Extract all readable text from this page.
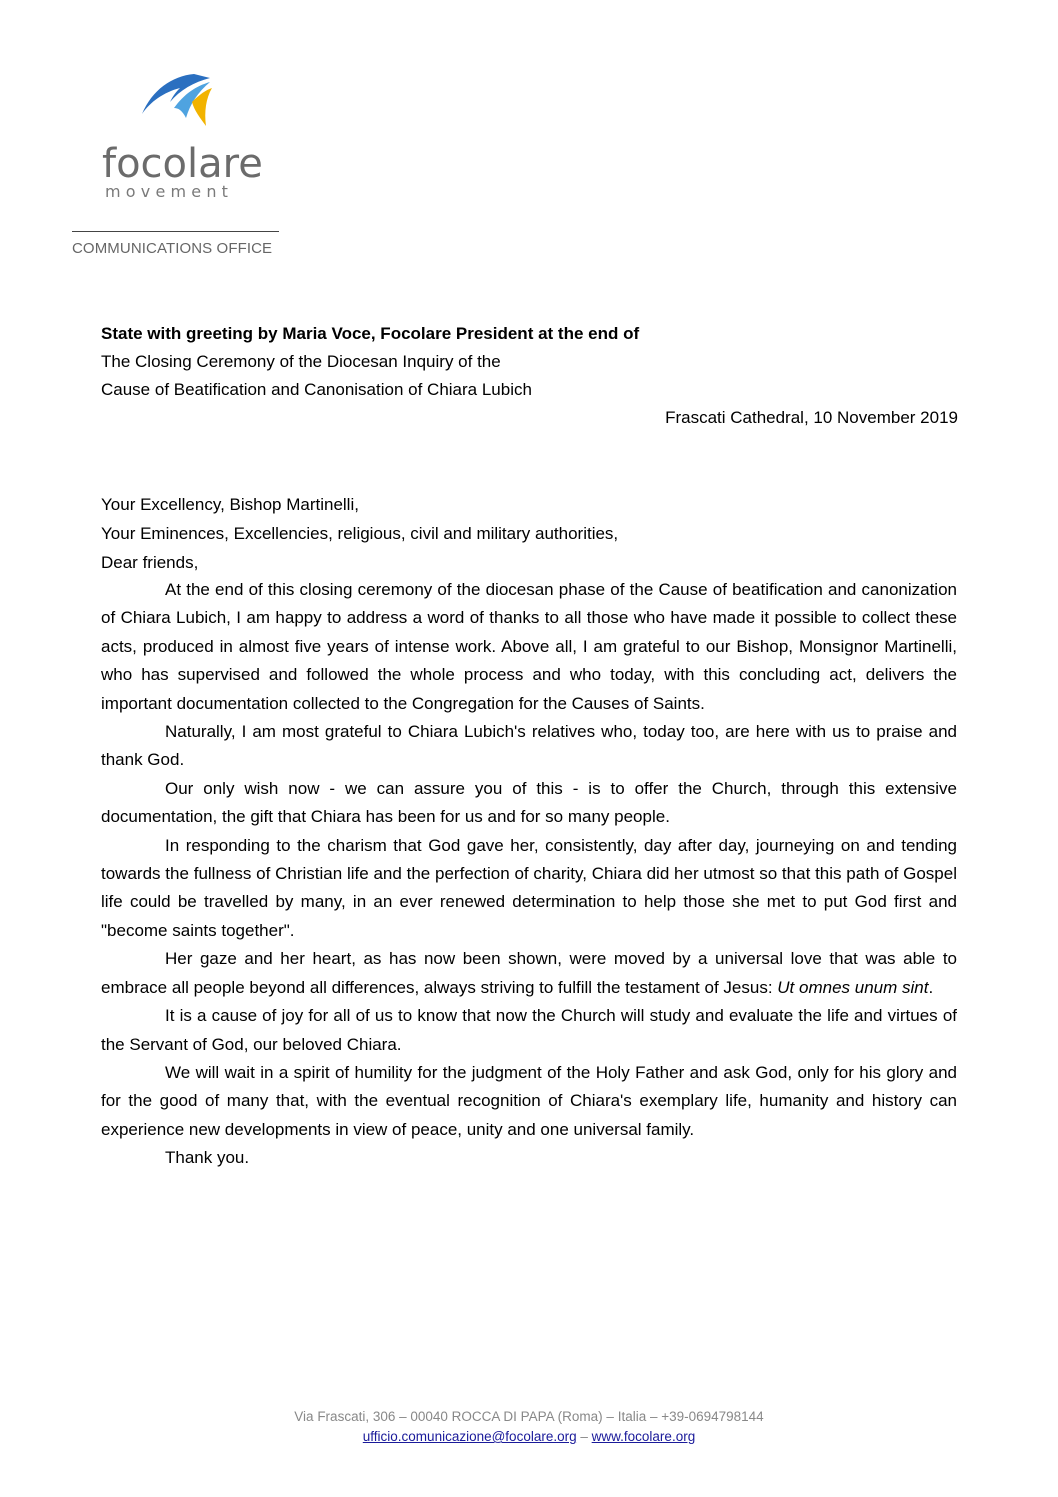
focolare
movement
COMMUNICATIONS OFFICE
State with greeting by Maria Voce, Focolare President at the end of
The Closing Ceremony of the Diocesan Inquiry of the
Cause of Beatification and Canonisation of Chiara Lubich
Frascati Cathedral, 10 November 2019
Your Excellency, Bishop Martinelli,
Your Eminences, Excellencies, religious, civil and military authorities,
Dear friends,

At the end of this closing ceremony of the diocesan phase of the Cause of beatification and canonization of Chiara Lubich, I am happy to address a word of thanks to all those who have made it possible to collect these acts, produced in almost five years of intense work. Above all, I am grateful to our Bishop, Monsignor Martinelli, who has supervised and followed the whole process and who today, with this concluding act, delivers the important documentation collected to the Congregation for the Causes of Saints.

Naturally, I am most grateful to Chiara Lubich's relatives who, today too, are here with us to praise and thank God.

Our only wish now - we can assure you of this - is to offer the Church, through this extensive documentation, the gift that Chiara has been for us and for so many people.

In responding to the charism that God gave her, consistently, day after day, journeying on and tending towards the fullness of Christian life and the perfection of charity, Chiara did her utmost so that this path of Gospel life could be travelled by many, in an ever renewed determination to help those she met to put God first and "become saints together".

Her gaze and her heart, as has now been shown, were moved by a universal love that was able to embrace all people beyond all differences, always striving to fulfill the testament of Jesus: Ut omnes unum sint.

It is a cause of joy for all of us to know that now the Church will study and evaluate the life and virtues of the Servant of God, our beloved Chiara.

We will wait in a spirit of humility for the judgment of the Holy Father and ask God, only for his glory and for the good of many that, with the eventual recognition of Chiara's exemplary life, humanity and history can experience new developments in view of peace, unity and one universal family.

Thank you.

Via Frascati, 306 – 00040 ROCCA DI PAPA (Roma) – Italia – +39-0694798144
ufficio.comunicazione@focolare.org – www.focolare.org
